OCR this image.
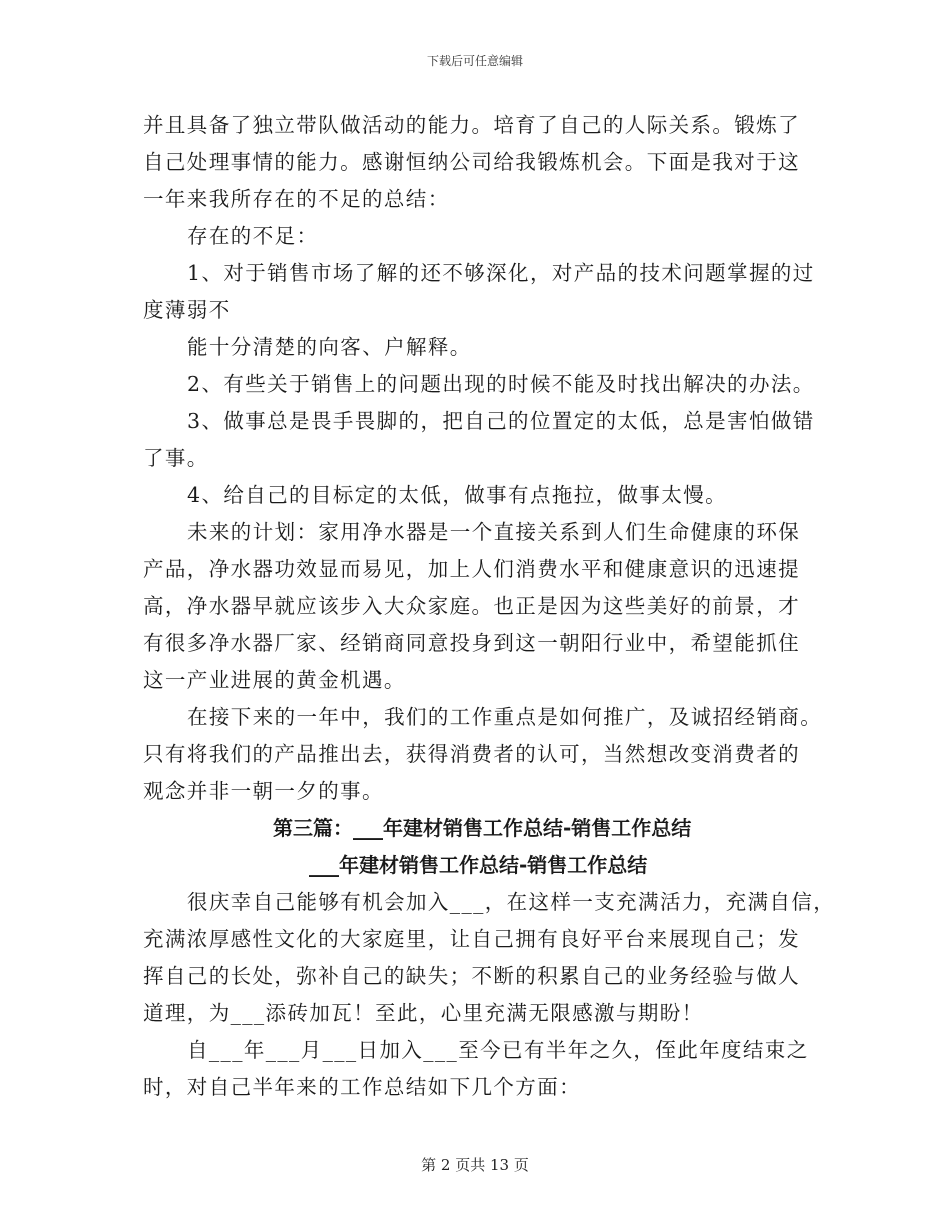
下载后可任意编辑
并且具备了独立带队做活动的能力。培育了自己的人际关系。锻炼了
自己处理事情的能力。感谢恒纳公司给我锻炼机会。下面是我对于这
一年来我所存在的不足的总结：
存在的不足：
1、对于销售市场了解的还不够深化，对产品的技术问题掌握的过
度薄弱不
能十分清楚的向客、户解释。
2、有些关于销售上的问题出现的时候不能及时找出解决的办法。
3、做事总是畏手畏脚的，把自己的位置定的太低，总是害怕做错
了事。
4、给自己的目标定的太低，做事有点拖拉，做事太慢。
未来的计划：家用净水器是一个直接关系到人们生命健康的环保
产品，净水器功效显而易见，加上人们消费水平和健康意识的迅速提
高，净水器早就应该步入大众家庭。也正是因为这些美好的前景，才
有很多净水器厂家、经销商同意投身到这一朝阳行业中，希望能抓住
这一产业进展的黄金机遇。
在接下来的一年中，我们的工作重点是如何推广，及诚招经销商。
只有将我们的产品推出去，获得消费者的认可，当然想改变消费者的
观念并非一朝一夕的事。
第三篇：___年建材销售工作总结-销售工作总结
___年建材销售工作总结-销售工作总结
很庆幸自己能够有机会加入___，在这样一支充满活力，充满自信，
充满浓厚感性文化的大家庭里，让自己拥有良好平台来展现自己；发
挥自己的长处，弥补自己的缺失；不断的积累自己的业务经验与做人
道理，为___添砖加瓦！至此，心里充满无限感激与期盼！
自___年___月___日加入___至今已有半年之久，侄此年度结束之
时，对自己半年来的工作总结如下几个方面：
第 2 页共 13 页
